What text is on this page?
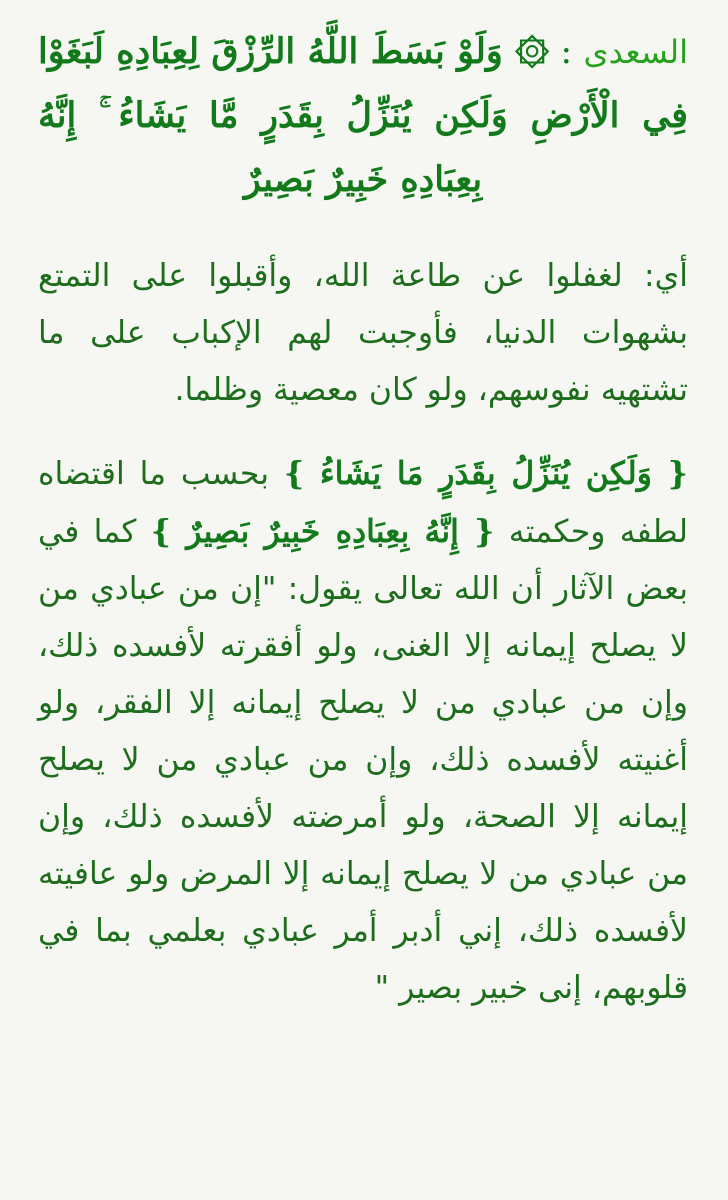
السعدى : ۞ وَلَوْ بَسَطَ اللَّهُ الرِّزْقَ لِعِبَادِهِ لَبَغَوْا فِي الْأَرْضِ وَلَكِن يُنَزِّلُ بِقَدَرٍ مَّا يَشَاءُ ۚ إِنَّهُ بِعِبَادِهِ خَبِيرٌ بَصِيرٌ
أي: لغفلوا عن طاعة الله، وأقبلوا على التمتع بشهوات الدنيا، فأوجبت لهم الإكباب على ما تشتهيه نفوسهم، ولو كان معصية وظلما.
{ وَلَكِن يُنَزِّلُ بِقَدَرٍ مَا يَشَاءُ } بحسب ما اقتضاه لطفه وحكمته { إِنَّهُ بِعِبَادِهِ خَبِيرٌ بَصِيرٌ } كما في بعض الآثار أن الله تعالى يقول: "إن من عبادي من لا يصلح إيمانه إلا الغنى، ولو أفقرته لأفسده ذلك، وإن من عبادي من لا يصلح إيمانه إلا الفقر، ولو أغنيته لأفسده ذلك، وإن من عبادي من لا يصلح إيمانه إلا الصحة، ولو أمرضته لأفسده ذلك، وإن من عبادي من لا يصلح إيمانه إلا المرض ولو عافيته لأفسده ذلك، إني أدبر أمر عبادي بعلمي بما في قلوبهم، إنى خبير بصير "
